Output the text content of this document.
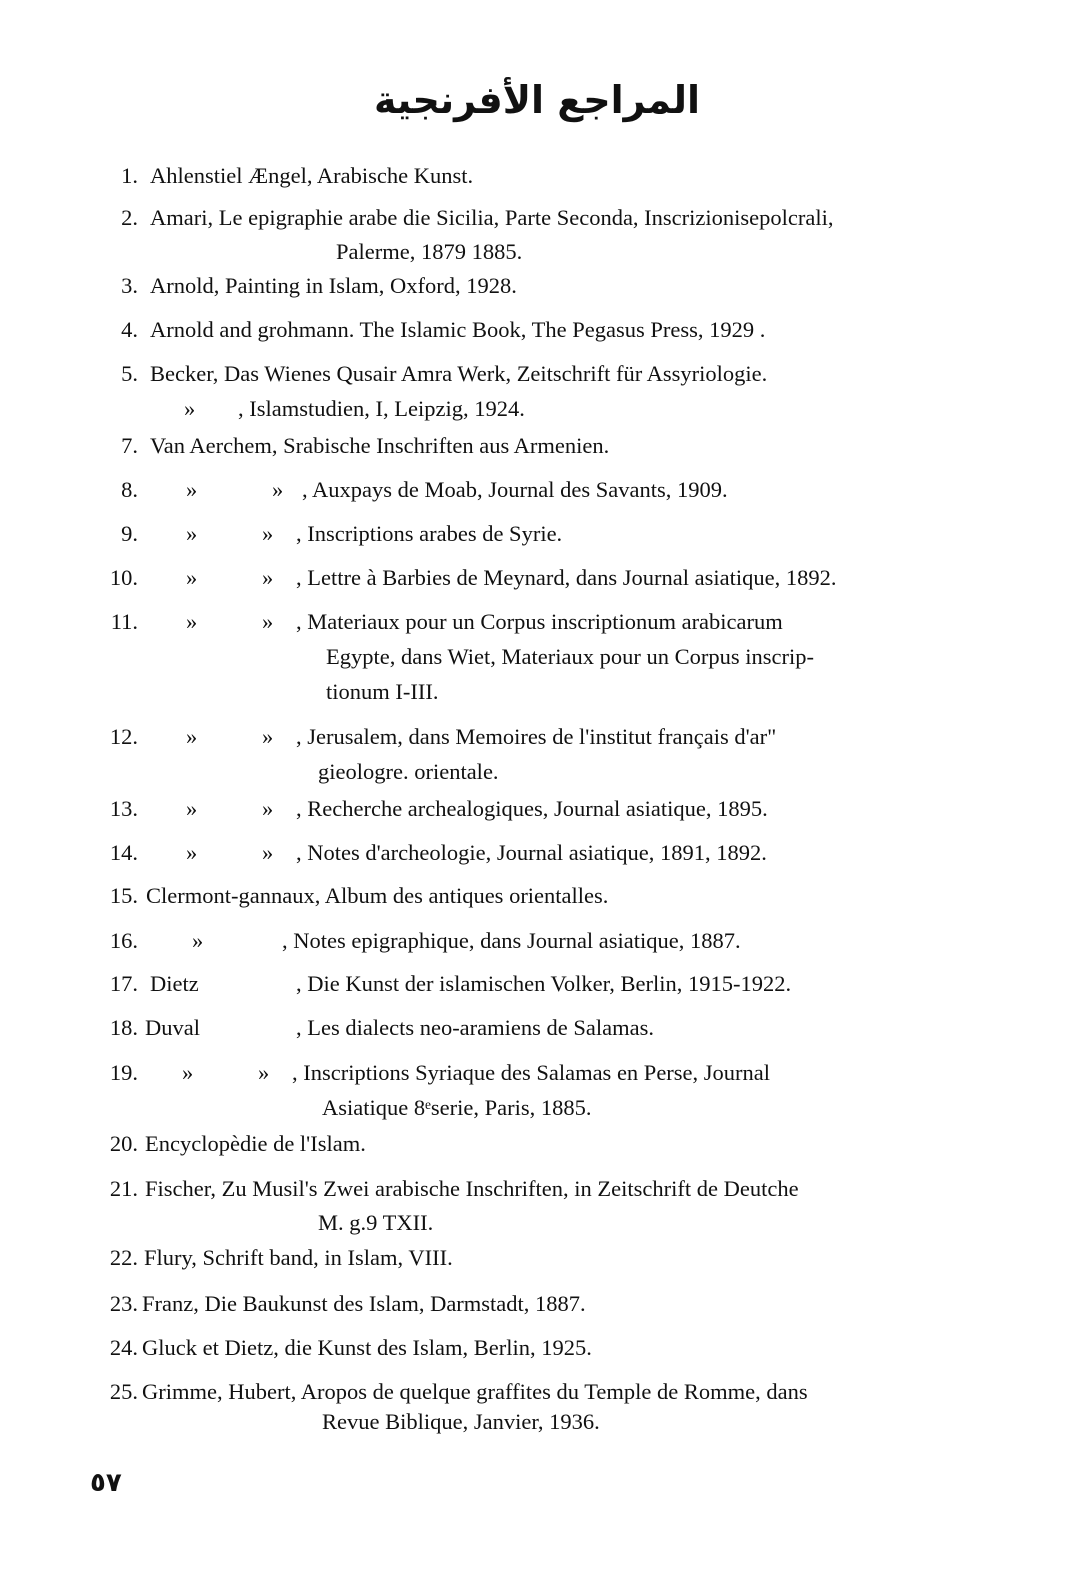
المراجع الأفرنجية
1. Ahlenstiel Ængel, Arabische Kunst.
2. Amari, Le epigraphie arabe die Sicilia, Parte Seconda, Inscrizionisepolcrali,
Palerme, 1879 1885.
3. Arnold, Painting in Islam, Oxford, 1928.
4. Arnold and grohmann. The Islamic Book, The Pegasus Press, 1929 .
5. Becker, Das Wienes Qusair Amra Werk, Zeitschrift für Assyriologie.
» , Islamstudien, I, Leipzig, 1924.
7. Van Aerchem, Srabische Inschriften aus Armenien.
8. »	» , Auxpays de Moab, Journal des Savants, 1909.
9. »	» , Inscriptions arabes de Syrie.
10. »	» , Lettre à Barbies de Meynard, dans Journal asiatique, 1892.
11. »	» , Materiaux pour un Corpus inscriptionum arabicarum
Egypte, dans Wiet, Materiaux pour un Corpus inscrip-
tionum I-III.
12. »	» , Jerusalem, dans Memoires de l'institut français d'ar"
gieologre. orientale.
13. »	» , Recherche archealogiques, Journal asiatique, 1895.
14. »	» , Notes d'archeologie, Journal asiatique, 1891, 1892.
15. Clermont-gannaux, Album des antiques orientalles.
16. »	, Notes epigraphique, dans Journal asiatique, 1887.
17. Dietz	, Die Kunst der islamischen Volker, Berlin, 1915-1922.
18. Duval	, Les dialects neo-aramiens de Salamas.
19. »	» , Inscriptions Syriaque des Salamas en Perse, Journal
Asiatique 8ᵉserie, Paris, 1885.
20. Encyclopèdie de l'Islam.
21. Fischer, Zu Musil's Zwei arabische Inschriften, in Zeitschrift de Deutche
M. g.9 TXII.
22. Flury, Schrift band, in Islam, VIII.
23. Franz, Die Baukunst des Islam, Darmstadt, 1887.
24. Gluck et Dietz, die Kunst des Islam, Berlin, 1925.
25. Grimme, Hubert, Aropos de quelque graffites du Temple de Romme, dans
Revue Biblique, Janvier, 1936.
٥٧
